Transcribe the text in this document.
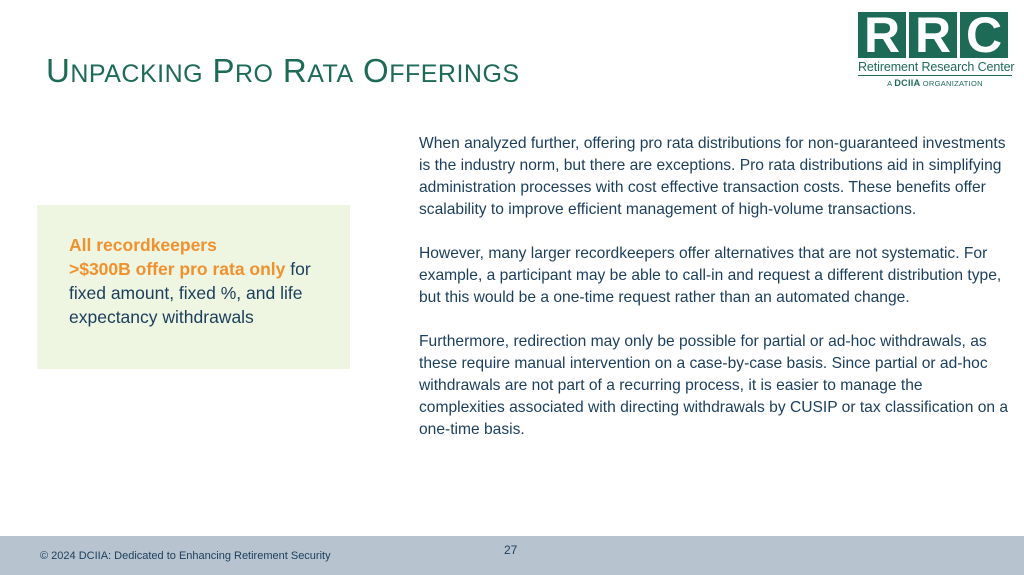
UNPACKING PRO RATA OFFERINGS
R R C
Retirement Research Center
A DCIIA ORGANIZATION
All recordkeepers
>$300B offer pro rata only for fixed amount, fixed %, and life expectancy withdrawals

When analyzed further, offering pro rata distributions for non-guaranteed investments is the industry norm, but there are exceptions. Pro rata distributions aid in simplifying administration processes with cost effective transaction costs. These benefits offer scalability to improve efficient management of high-volume transactions.

However, many larger recordkeepers offer alternatives that are not systematic. For example, a participant may be able to call-in and request a different distribution type, but this would be a one-time request rather than an automated change.

Furthermore, redirection may only be possible for partial or ad-hoc withdrawals, as these require manual intervention on a case-by-case basis. Since partial or ad-hoc withdrawals are not part of a recurring process, it is easier to manage the complexities associated with directing withdrawals by CUSIP or tax classification on a one-time basis.

© 2024 DCIIA: Dedicated to Enhancing Retirement Security	27
